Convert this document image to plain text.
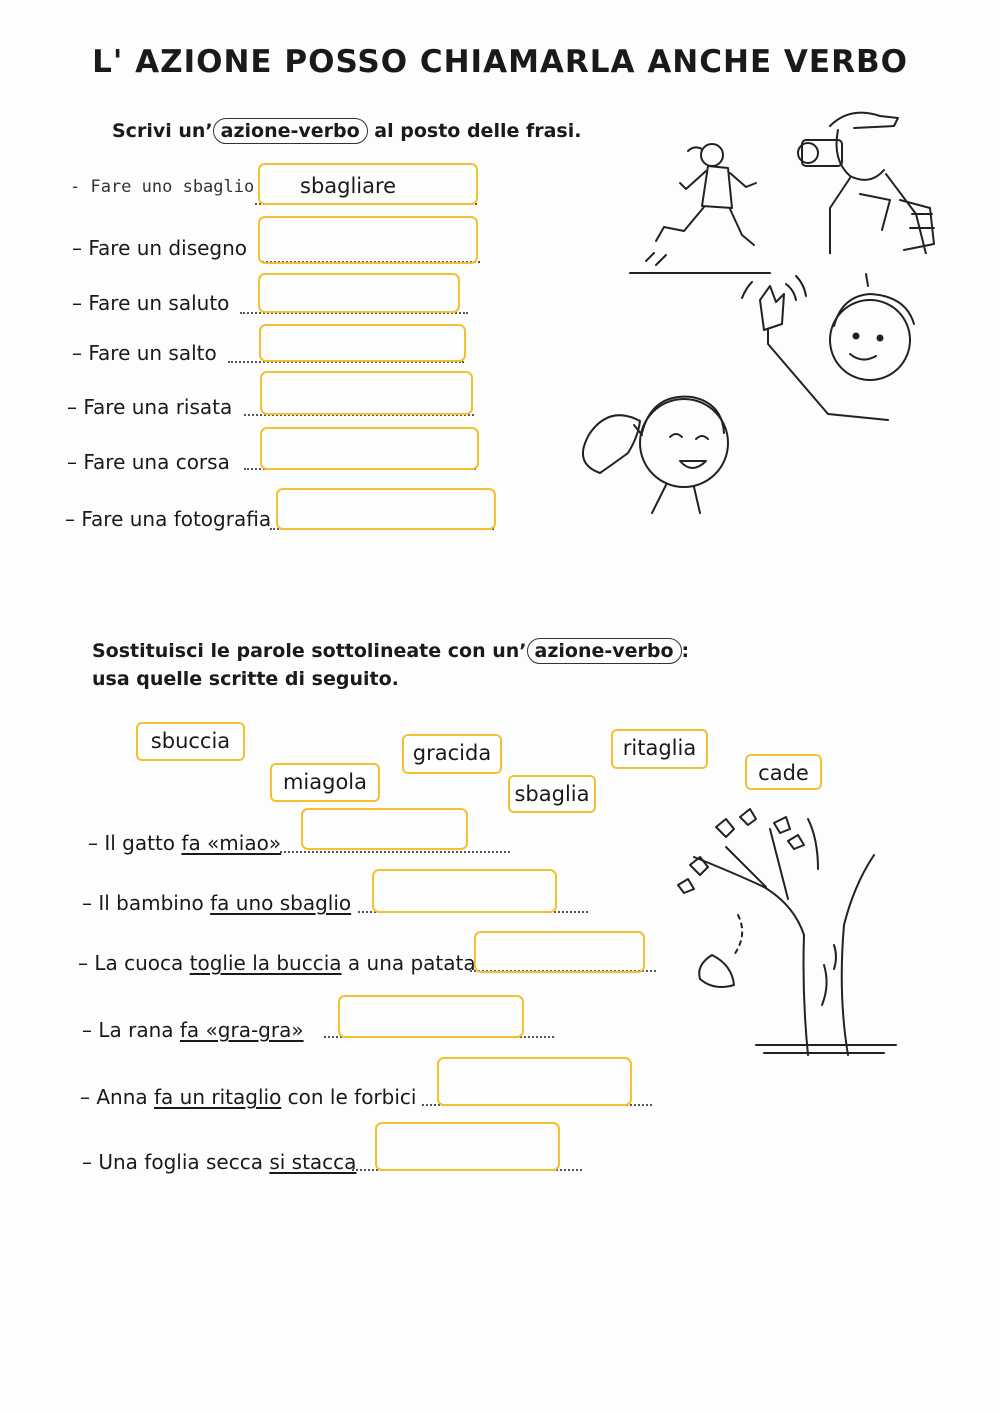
L' AZIONE POSSO CHIAMARLA ANCHE VERBO
Scrivi un’ azione-verbo al posto delle frasi.
- Fare uno sbaglio
sbagliare
– Fare un disegno
– Fare un saluto
– Fare un salto
– Fare una risata
– Fare una corsa
– Fare una fotografia
Sostituisci le parole sottolineate con un’ azione-verbo :
usa quelle scritte di seguito.
sbuccia
miagola
gracida
sbaglia
ritaglia
cade
– Il gatto fa «miao»
– Il bambino fa uno sbaglio
– La cuoca toglie la buccia a una patata
– La rana fa «gra-gra»
– Anna fa un ritaglio con le forbici
– Una foglia secca si stacca
